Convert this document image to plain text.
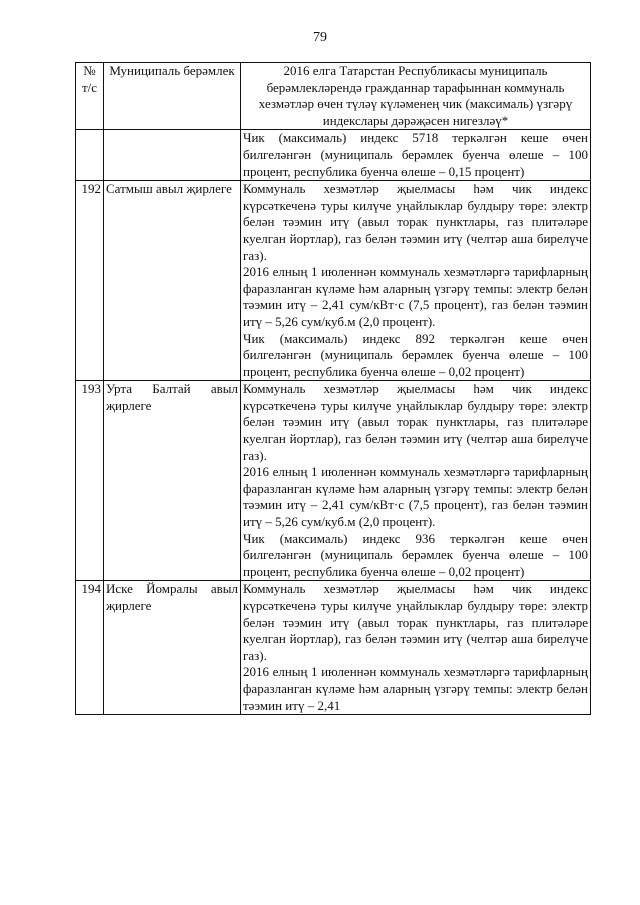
79
№ т/с	Муниципаль берәмлек	2016 елга Татарстан Республикасы муниципаль берәмлекләрендә гражданнар тарафыннан коммуналь хезмәтләр өчен түләү күләменең чик (максималь) үзгәрү индекслары дәрәҗәсен нигезләү*
		Чик (максималь) индекс 5718 теркәлгән кеше өчен билгеләнгән (муниципаль берәмлек буенча өлеше – 100 процент, республика буенча өлеше – 0,15 процент)
192	Сатмыш авыл җирлеге	Коммуналь хезмәтләр җыелмасы һәм чик индекс күрсәткеченә туры килүче уңайлыклар булдыру төре: электр белән тәэмин итү (авыл торак пунктлары, газ плитәләре куелган йортлар), газ белән тәэмин итү (челтәр аша бирелүче газ).
2016 елның 1 июленнән коммуналь хезмәтләргә тарифларның фаразланган күләме һәм аларның үзгәрү темпы: электр белән тәэмин итү – 2,41 сум/кВт·с (7,5 процент), газ белән тәэмин итү – 5,26 сум/куб.м (2,0 процент).
Чик (максималь) индекс 892 теркәлгән кеше өчен билгеләнгән (муниципаль берәмлек буенча өлеше – 100 процент, республика буенча өлеше – 0,02 процент)

193	Урта Балтай авыл җирлеге	Коммуналь хезмәтләр җыелмасы һәм чик индекс күрсәткеченә туры килүче уңайлыклар булдыру төре: электр белән тәэмин итү (авыл торак пунктлары, газ плитәләре куелган йортлар), газ белән тәэмин итү (челтәр аша бирелүче газ).
2016 елның 1 июленнән коммуналь хезмәтләргә тарифларның фаразланган күләме һәм аларның үзгәрү темпы: электр белән тәэмин итү – 2,41 сум/кВт·с (7,5 процент), газ белән тәэмин итү – 5,26 сум/куб.м (2,0 процент).
Чик (максималь) индекс 936 теркәлгән кеше өчен билгеләнгән (муниципаль берәмлек буенча өлеше – 100 процент, республика буенча өлеше – 0,02 процент)

194	Иске Йомралы авыл җирлеге	Коммуналь хезмәтләр җыелмасы һәм чик индекс күрсәткеченә туры килүче уңайлыклар булдыру төре: электр белән тәэмин итү (авыл торак пунктлары, газ плитәләре куелган йортлар), газ белән тәэмин итү (челтәр аша бирелүче газ).
2016 елның 1 июленнән коммуналь хезмәтләргә тарифларның фаразланган күләме һәм аларның үзгәрү темпы: электр белән тәэмин итү – 2,41
